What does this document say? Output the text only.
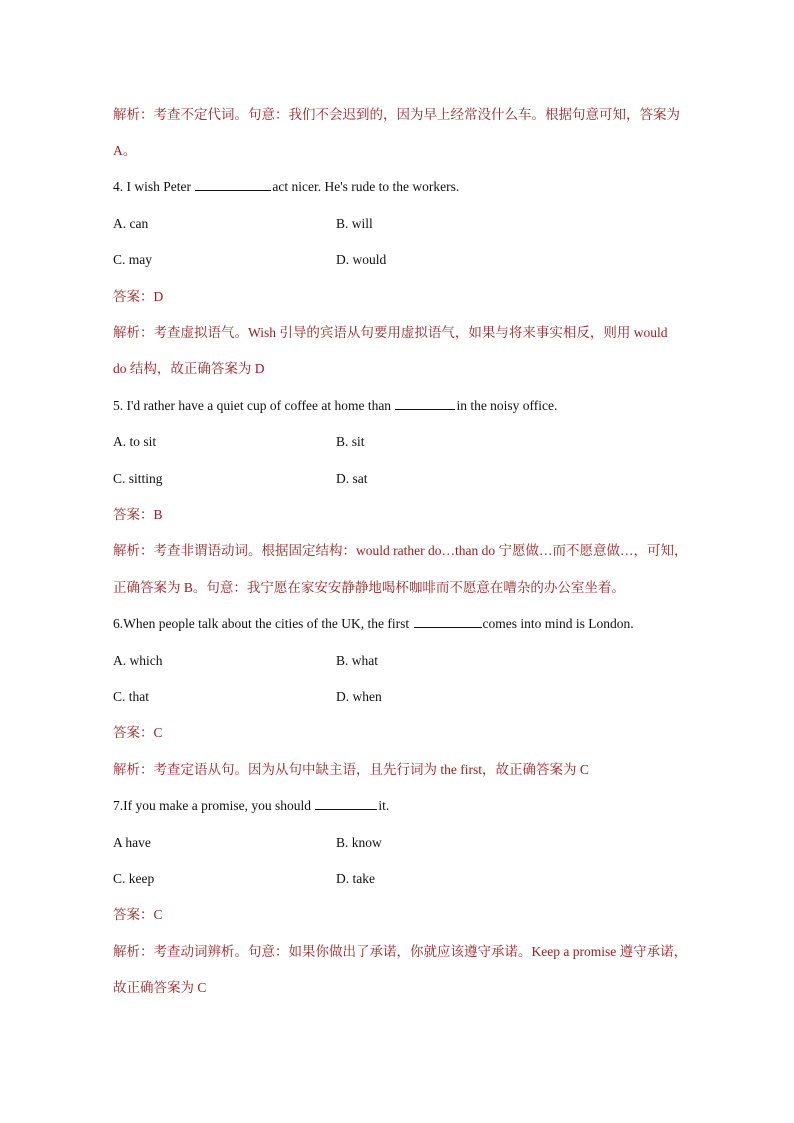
解析：考查不定代词。句意：我们不会迟到的，因为早上经常没什么车。根据句意可知，答案为
A。
4. I wish Peter	act nicer. He's rude to the workers.
A. can	B. will
C. may	D. would
答案：D
解析：考查虚拟语气。Wish 引导的宾语从句要用虚拟语气，如果与将来事实相反，则用 would
do 结构，故正确答案为 D
5. I'd rather have a quiet cup of coffee at home than	in the noisy office.
A. to sit	B. sit
C. sitting	D. sat
答案：B
解析：考查非谓语动词。根据固定结构：would rather do…than do 宁愿做…而不愿意做…，可知，
正确答案为 B。句意：我宁愿在家安安静静地喝杯咖啡而不愿意在嘈杂的办公室坐着。
6.When people talk about the cities of the UK, the first	comes into mind is London.
A. which	B. what
C. that	D. when
答案：C
解析：考查定语从句。因为从句中缺主语，且先行词为 the first，故正确答案为 C
7.If you make a promise, you should	it.
A have	B. know
C. keep	D. take
答案：C
解析：考查动词辨析。句意：如果你做出了承诺，你就应该遵守承诺。Keep a promise 遵守承诺，
故正确答案为 C
